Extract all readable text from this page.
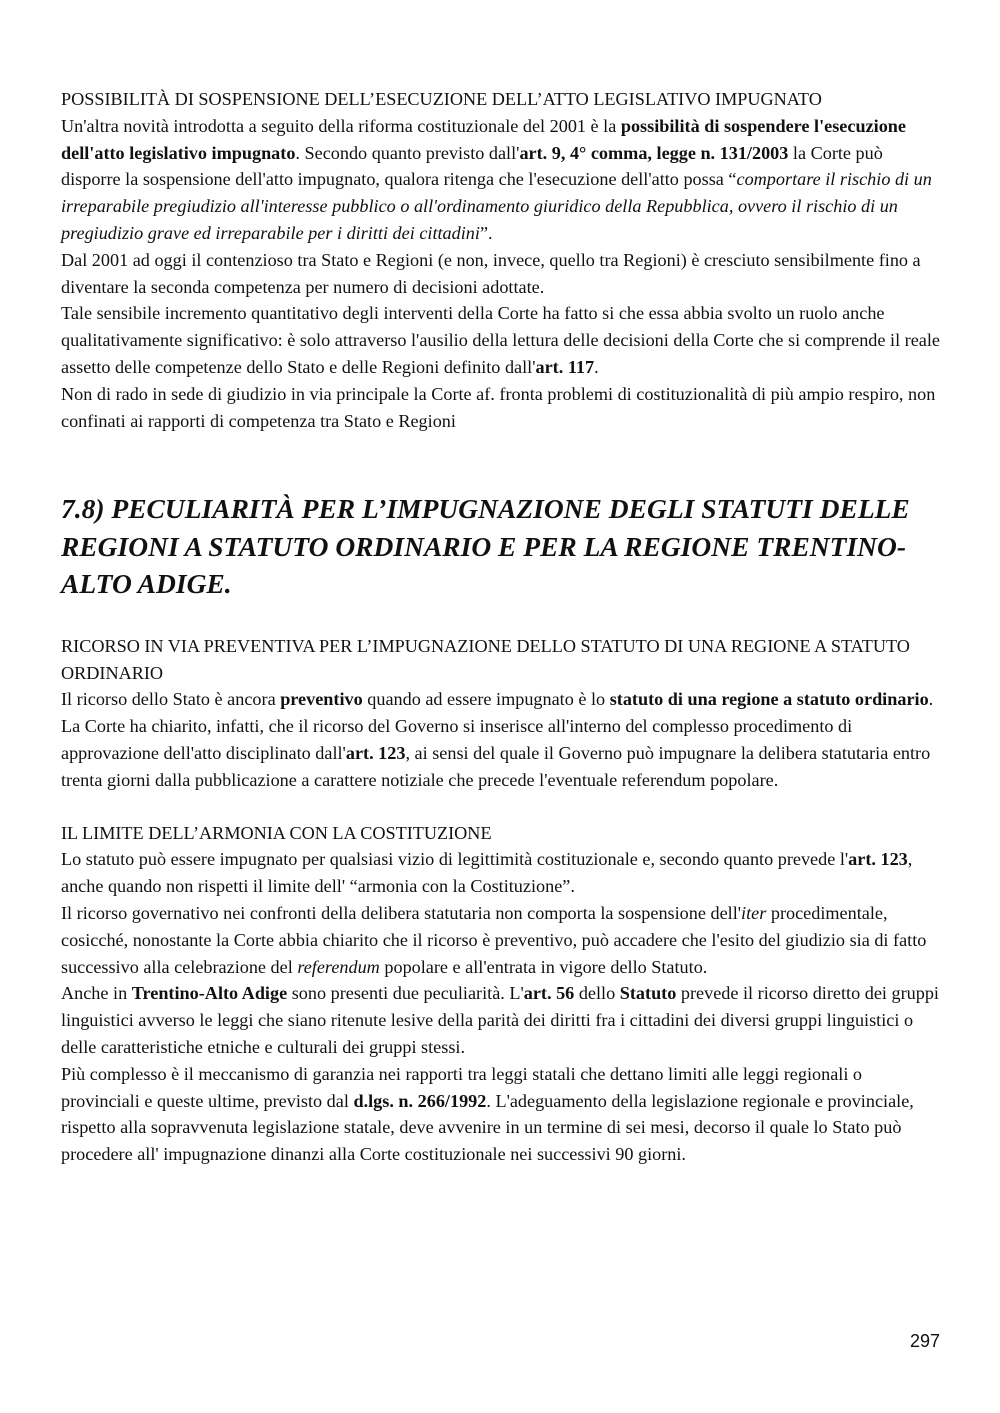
POSSIBILITÀ DI SOSPENSIONE DELL’ESECUZIONE DELL’ATTO LEGISLATIVO IMPUGNATO

Un'altra novità introdotta a seguito della riforma costituzionale del 2001 è la possibilità di sospendere l'esecuzione dell'atto legislativo impugnato. Secondo quanto previsto dall'art. 9, 4° comma, legge n. 131/2003 la Corte può disporre la sospensione dell'atto impugnato, qualora ritenga che l'esecuzione dell'atto possa “comportare il rischio di un irreparabile pregiudizio all'interesse pubblico o all'ordinamento giuridico della Repubblica, ovvero il rischio di un pregiudizio grave ed irreparabile per i diritti dei cittadini”.

Dal 2001 ad oggi il contenzioso tra Stato e Regioni (e non, invece, quello tra Regioni) è cresciuto sensibilmente fino a diventare la seconda competenza per numero di decisioni adottate.

Tale sensibile incremento quantitativo degli interventi della Corte ha fatto si che essa abbia svolto un ruolo anche qualitativamente significativo: è solo attraverso l'ausilio della lettura delle decisioni della Corte che si comprende il reale assetto delle competenze dello Stato e delle Regioni definito dall'art. 117.

Non di rado in sede di giudizio in via principale la Corte af. fronta problemi di costituzionalità di più ampio respiro, non confinati ai rapporti di competenza tra Stato e Regioni

7.8) PECULIARITÀ PER L’IMPUGNAZIONE DEGLI STATUTI DELLE REGIONI A STATUTO ORDINARIO E PER LA REGIONE TRENTINO-ALTO ADIGE.

RICORSO IN VIA PREVENTIVA PER L’IMPUGNAZIONE DELLO STATUTO DI UNA REGIONE A STATUTO ORDINARIO

Il ricorso dello Stato è ancora preventivo quando ad essere impugnato è lo statuto di una regione a statuto ordinario. La Corte ha chiarito, infatti, che il ricorso del Governo si inserisce all'interno del complesso procedimento di approvazione dell'atto disciplinato dall'art. 123, ai sensi del quale il Governo può impugnare la delibera statutaria entro trenta giorni dalla pubblicazione a carattere notiziale che precede l'eventuale referendum popolare.

IL LIMITE DELL’ARMONIA CON LA COSTITUZIONE

Lo statuto può essere impugnato per qualsiasi vizio di legittimità costituzionale e, secondo quanto prevede l'art. 123, anche quando non rispetti il limite dell' “armonia con la Costituzione”.

Il ricorso governativo nei confronti della delibera statutaria non comporta la sospensione dell'iter procedimentale, cosicché, nonostante la Corte abbia chiarito che il ricorso è preventivo, può accadere che l'esito del giudizio sia di fatto successivo alla celebrazione del referendum popolare e all'entrata in vigore dello Statuto.

Anche in Trentino-Alto Adige sono presenti due peculiarità. L'art. 56 dello Statuto prevede il ricorso diretto dei gruppi linguistici avverso le leggi che siano ritenute lesive della parità dei diritti fra i cittadini dei diversi gruppi linguistici o delle caratteristiche etniche e culturali dei gruppi stessi.

Più complesso è il meccanismo di garanzia nei rapporti tra leggi statali che dettano limiti alle leggi regionali o provinciali e queste ultime, previsto dal d.lgs. n. 266/1992. L'adeguamento della legislazione regionale e provinciale, rispetto alla sopravvenuta legislazione statale, deve avvenire in un termine di sei mesi, decorso il quale lo Stato può procedere all' impugnazione dinanzi alla Corte costituzionale nei successivi 90 giorni.

297
